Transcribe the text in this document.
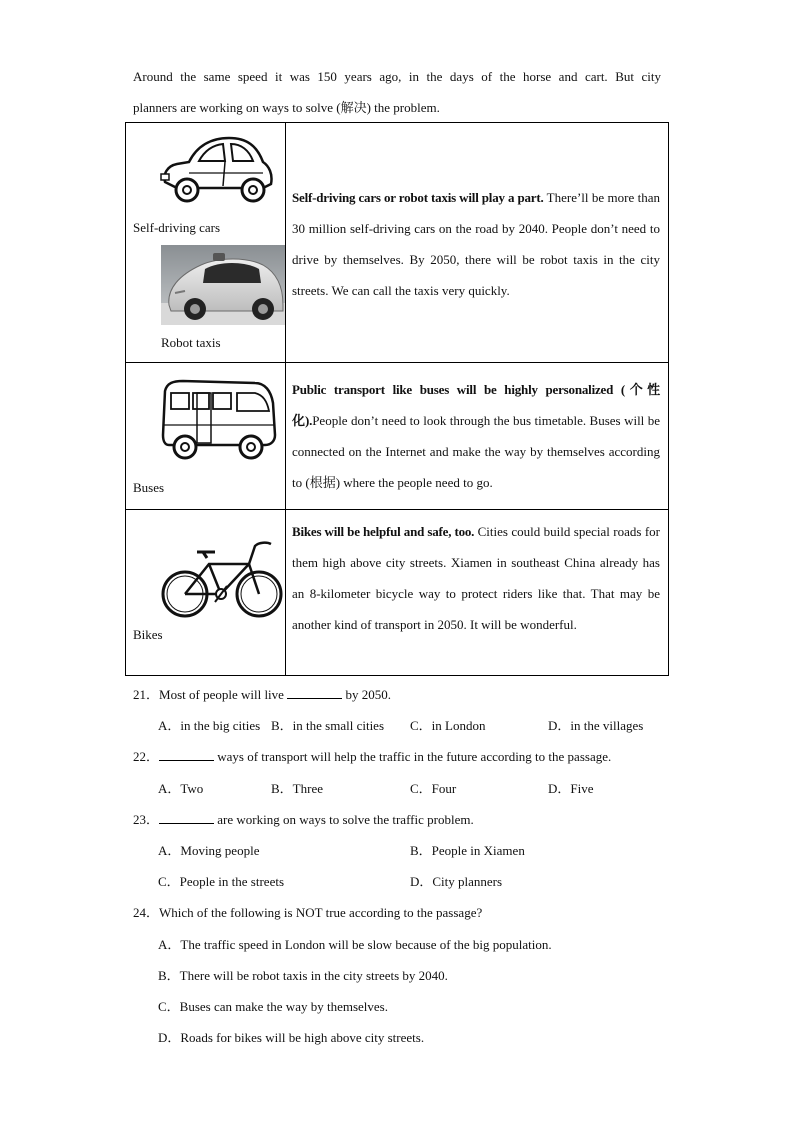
Around the same speed it was 150 years ago, in the days of the horse and cart. But city

planners are working on ways to solve (解决) the problem.

Self-driving cars
Robot taxis	Self-driving cars or robot taxis will play a part. There’ll be more than 30 million self-driving cars on the road by 2040. People don’t need to drive by themselves. By 2050, there will be robot taxis in the city streets. We can call the taxis very quickly.

Buses	Public transport like buses will be highly personalized (个性化).People don’t need to look through the bus timetable. Buses will be connected on the Internet and make the way by themselves according to (根据) where the people need to go.

Bikes	Bikes will be helpful and safe, too. Cities could build special roads for them high above city streets. Xiamen in southeast China already has an 8-kilometer bicycle way to protect riders like that. That may be another kind of transport in 2050. It will be wonderful.
21．Most of people will live	by 2050.
A．in the big cities B．in the small cities C．in London	D．in the villages
22．	ways of transport will help the traffic in the future according to the passage.
A．Two	B．Three	C．Four	D．Five
23．	are working on ways to solve the traffic problem.
A．Moving people	B．People in Xiamen
C．People in the streets	D．City planners
24．Which of the following is NOT true according to the passage?
A．The traffic speed in London will be slow because of the big population.
B．There will be robot taxis in the city streets by 2040.
C．Buses can make the way by themselves.
D．Roads for bikes will be high above city streets.
